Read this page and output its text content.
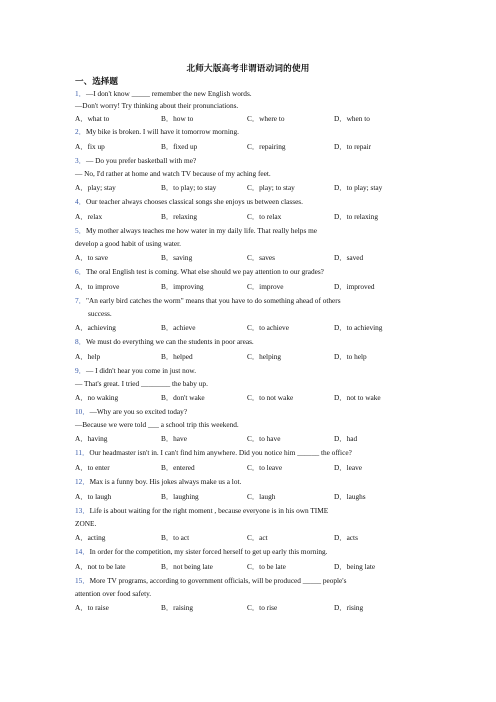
北师大版高考非谓语动词的使用
一、选择题
1．—I don't know _____ remember the new English words.
—Don't worry! Try thinking about their pronunciations.
A．what to	B．how to	C．where to	D．when to
2．My bike is broken. I will have it tomorrow morning.
A．fix up	B．fixed up	C．repairing	D．to repair
3．— Do you prefer basketball with me?
— No, I'd rather at home and watch TV because of my aching feet.
A．play; stay	B．to play; to stay	C．play; to stay	D．to play; stay
4．Our teacher always chooses classical songs she enjoys us between classes.
A．relax	B．relaxing	C．to relax	D．to relaxing
5．My mother always teaches me how water in my daily life. That really helps me
develop a good habit of using water.
A．to save	B．saving	C．saves	D．saved
6．The oral English test is coming. What else should we pay attention to our grades?
A．to improve	B．improving	C．improve	D．improved
7．"An early bird catches the worm" means that you have to do something ahead of others
success.
A．achieving	B．achieve	C．to achieve	D．to achieving
8．We must do everything we can the students in poor areas.
A．help	B．helped	C．helping	D．to help
9．— I didn't hear you come in just now.
— That's great. I tried ________ the baby up.
A．no waking	B．don't wake	C．to not wake	D．not to wake
10．—Why are you so excited today?
—Because we were told ___ a school trip this weekend.
A．having	B．have	C．to have	D．had
11．Our headmaster isn't in. I can't find him anywhere. Did you notice him ______ the office?
A．to enter	B．entered	C．to leave	D．leave
12．Max is a funny boy. His jokes always make us a lot.
A．to laugh	B．laughing	C．laugh	D．laughs
13．Life is about waiting for the right moment , because everyone is in his own TIME
ZONE.
A．acting	B．to act	C．act	D．acts
14．In order for the competition, my sister forced herself to get up early this morning.
A．not to be late	B．not being late	C．to be late	D．being late
15．More TV programs, according to government officials, will be produced _____ people's
attention over food safety.
A．to raise	B．raising	C．to rise	D．rising
